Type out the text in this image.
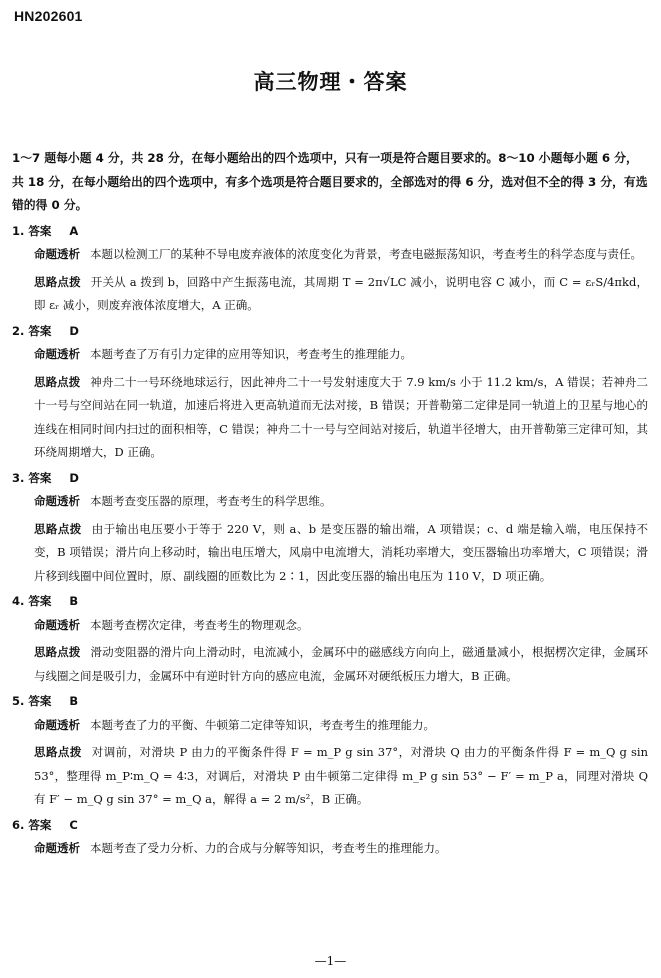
HN202601
高三物理・答案
1～7 题每小题 4 分，共 28 分，在每小题给出的四个选项中，只有一项是符合题目要求的。8～10 小题每小题 6 分，共 18 分，在每小题给出的四个选项中，有多个选项是符合题目要求的，全部选对的得 6 分，选对但不全的得 3 分，有选错的得 0 分。
1. 答案 A
命题透析 本题以检测工厂的某种不导电废弃液体的浓度变化为背景，考查电磁振荡知识，考查考生的科学态度与责任。
思路点拨 开关从 a 拨到 b，回路中产生振荡电流，其周期 T = 2π√LC 减小，说明电容 C 减小，而 C = εᵣS/4πkd，即 εᵣ 减小，则废弃液体浓度增大，A 正确。
2. 答案 D
命题透析 本题考查了万有引力定律的应用等知识，考查考生的推理能力。
思路点拨 神舟二十一号环绕地球运行，因此神舟二十一号发射速度大于 7.9 km/s 小于 11.2 km/s，A 错误；若神舟二十一号与空间站在同一轨道，加速后将进入更高轨道而无法对接，B 错误；开普勒第二定律是同一轨道上的卫星与地心的连线在相同时间内扫过的面积相等，C 错误；神舟二十一号与空间站对接后，轨道半径增大，由开普勒第三定律可知，其环绕周期增大，D 正确。
3. 答案 D
命题透析 本题考查变压器的原理，考查考生的科学思维。
思路点拨 由于输出电压要小于等于 220 V，则 a、b 是变压器的输出端，A 项错误；c、d 端是输入端，电压保持不变，B 项错误；滑片向上移动时，输出电压增大，风扇中电流增大，消耗功率增大，变压器输出功率增大，C 项错误；滑片移到线圈中间位置时，原、副线圈的匝数比为 2∶1，因此变压器的输出电压为 110 V，D 项正确。
4. 答案 B
命题透析 本题考查楞次定律，考查考生的物理观念。
思路点拨 滑动变阻器的滑片向上滑动时，电流减小，金属环中的磁感线方向向上，磁通量减小，根据楞次定律，金属环与线圈之间是吸引力，金属环中有逆时针方向的感应电流，金属环对硬纸板压力增大，B 正确。
5. 答案 B
命题透析 本题考查了力的平衡、牛顿第二定律等知识，考查考生的推理能力。
思路点拨 对调前，对滑块 P 由力的平衡条件得 F = m_P g sin 37°，对滑块 Q 由力的平衡条件得 F = m_Q g sin 53°，整理得 m_P∶m_Q = 4∶3，对调后，对滑块 P 由牛顿第二定律得 m_P g sin 53° − F′ = m_P a，同理对滑块 Q 有 F′ − m_Q g sin 37° = m_Q a，解得 a = 2 m/s²，B 正确。
6. 答案 C
命题透析 本题考查了受力分析、力的合成与分解等知识，考查考生的推理能力。
—1—
